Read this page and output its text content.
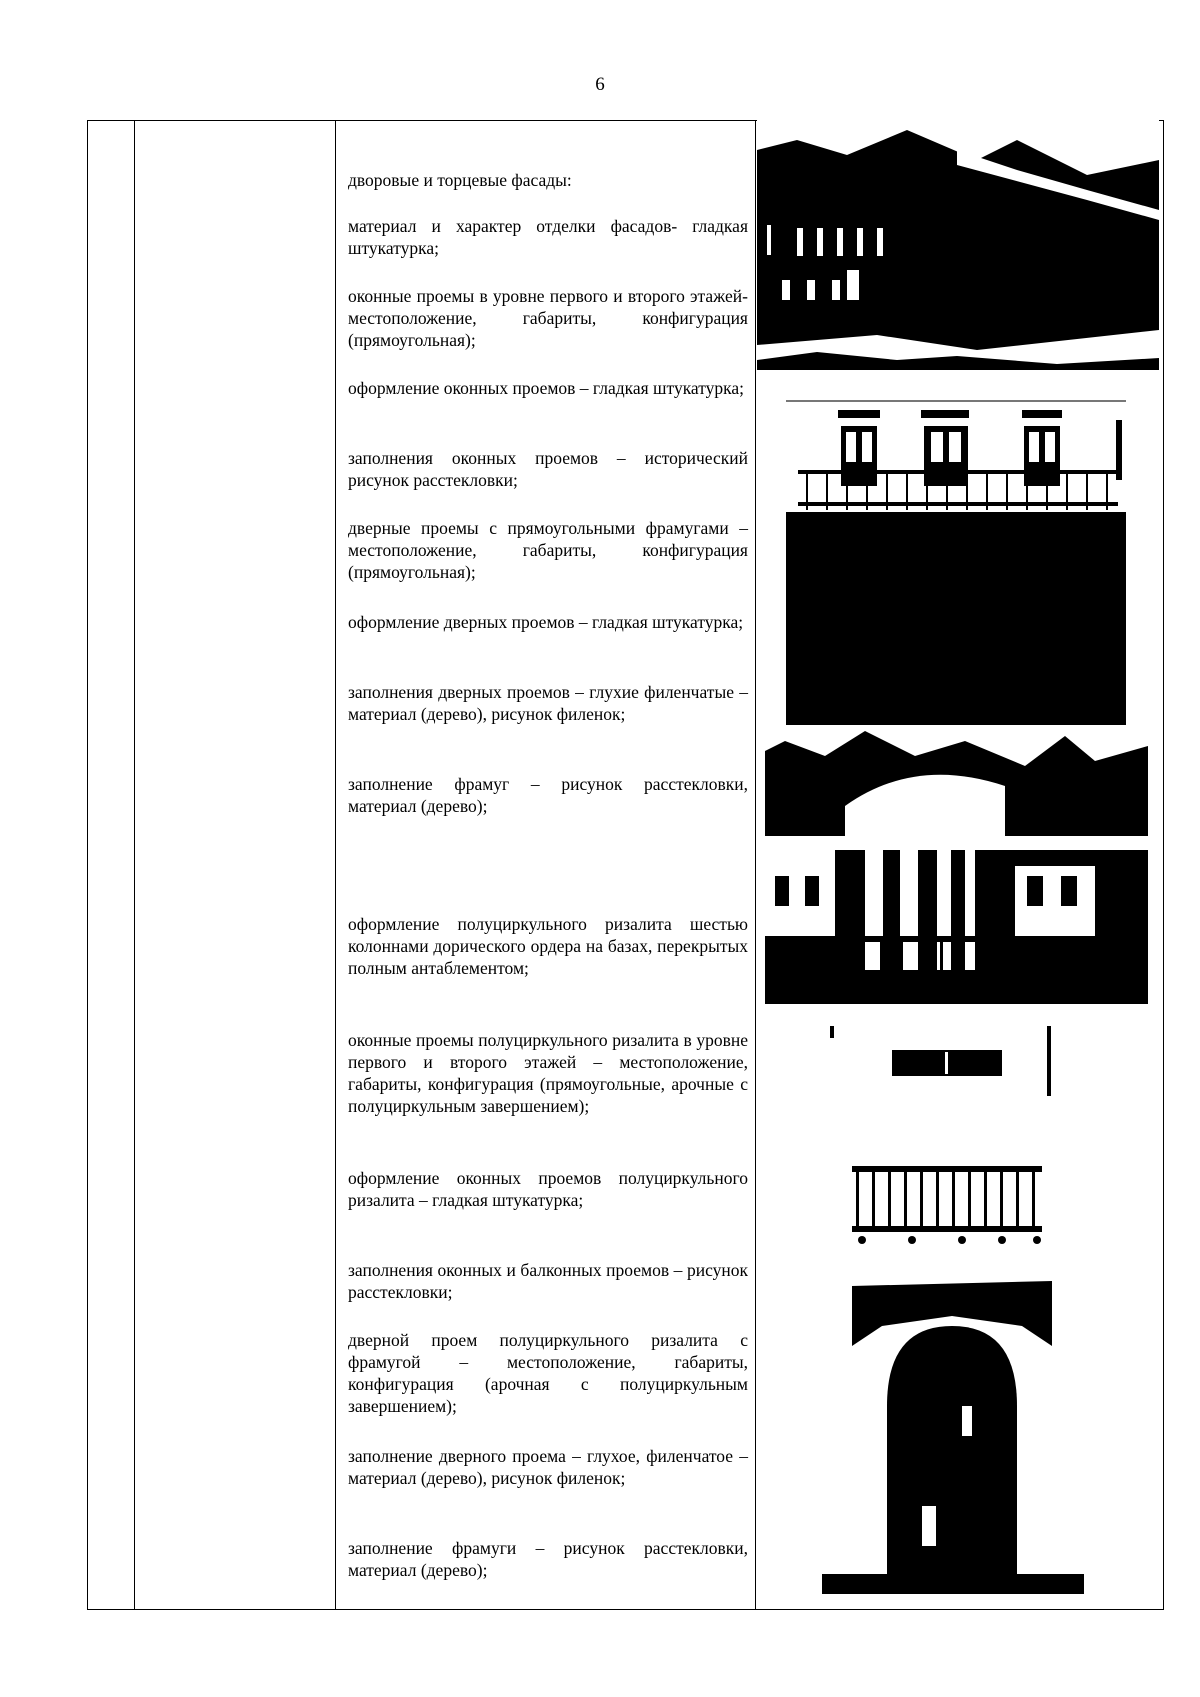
6

дворовые и торцевые фасады:

материал и характер отделки фасадов- гладкая штукатурка;

оконные проемы в уровне первого и второго этажей- местоположение, габариты, конфигурация (прямоугольная);

оформление оконных проемов – гладкая штукатурка;

заполнения оконных проемов – исторический рисунок расстекловки;

дверные проемы с прямоугольными фрамугами – местоположение, габариты, конфигурация (прямоугольная);

оформление дверных проемов – гладкая штукатурка;

заполнения дверных проемов – глухие филенчатые – материал (дерево), рисунок филенок;

заполнение фрамуг – рисунок расстекловки, материал (дерево);

оформление полуциркульного ризалита шестью колоннами дорического ордера на базах, перекрытых полным антаблементом;

оконные проемы полуциркульного ризалита в уровне первого и второго этажей – местоположение, габариты, конфигурация (прямоугольные, арочные с полуциркульным завершением);

оформление оконных проемов полуциркульного ризалита – гладкая штукатурка;

заполнения оконных и балконных проемов – рисунок расстекловки;

дверной проем полуциркульного ризалита с фрамугой – местоположение, габариты, конфигурация (арочная с полуциркульным завершением);

заполнение дверного проема – глухое, филенчатое – материал (дерево), рисунок филенок;

заполнение фрамуги – рисунок расстекловки, материал (дерево);
